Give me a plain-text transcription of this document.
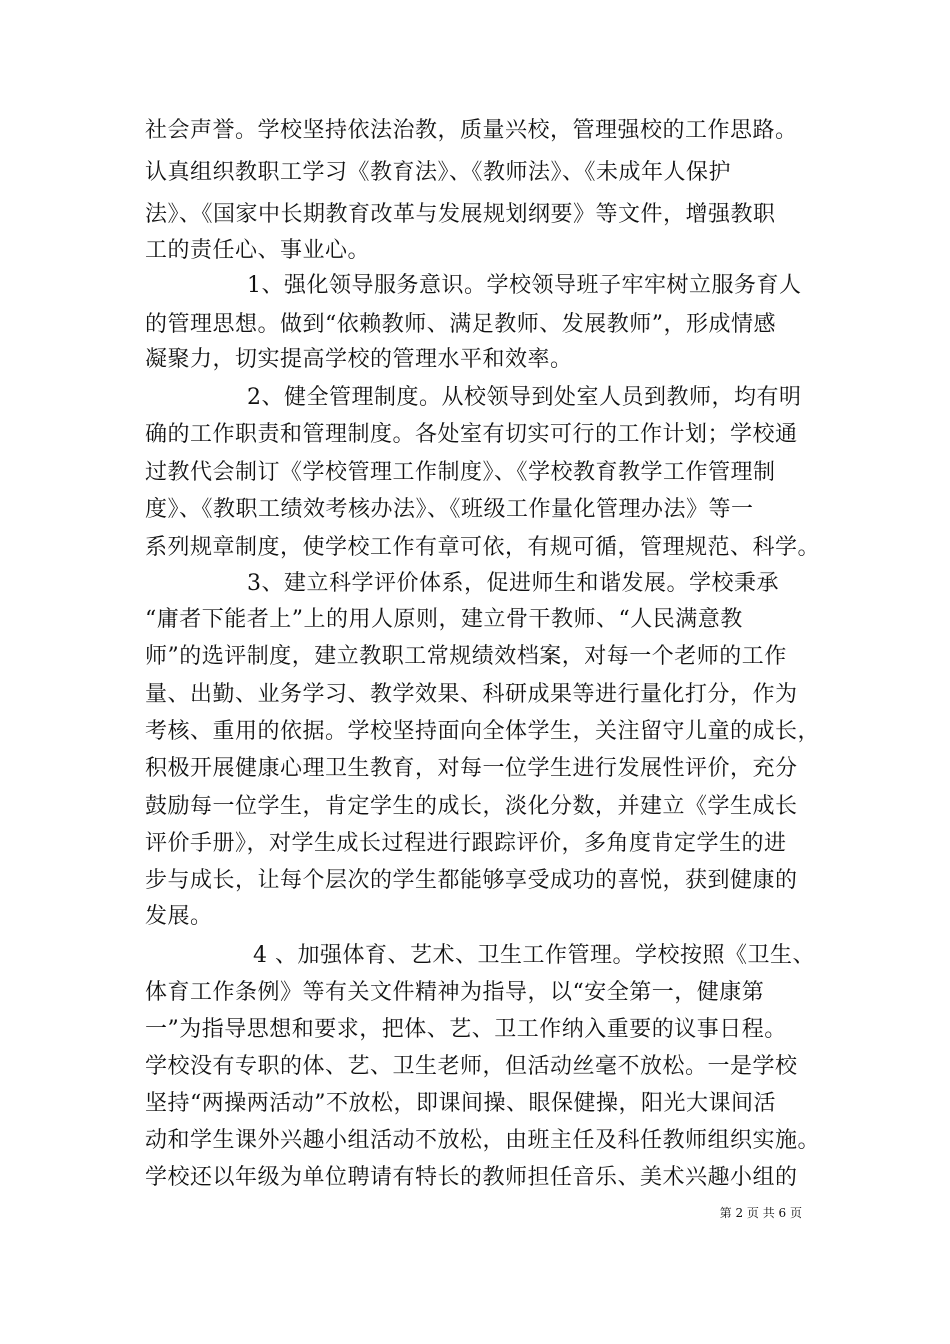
社会声誉。学校坚持依法治教，质量兴校，管理强校的工作思路。
认真组织教职工学习《教育法》、《教师法》、《未成年人保护
法》、《国家中长期教育改革与发展规划纲要》等文件，增强教职
工的责任心、事业心。
1、强化领导服务意识。学校领导班子牢牢树立服务育人
的管理思想。做到“依赖教师、满足教师、发展教师”，形成情感
凝聚力，切实提高学校的管理水平和效率。
2、健全管理制度。从校领导到处室人员到教师，均有明
确的工作职责和管理制度。各处室有切实可行的工作计划；学校通
过教代会制订《学校管理工作制度》、《学校教育教学工作管理制
度》、《教职工绩效考核办法》、《班级工作量化管理办法》等一
系列规章制度，使学校工作有章可依，有规可循，管理规范、科学。
3、建立科学评价体系，促进师生和谐发展。学校秉承
“庸者下能者上”上的用人原则，建立骨干教师、“人民满意教
师”的选评制度，建立教职工常规绩效档案，对每一个老师的工作
量、出勤、业务学习、教学效果、科研成果等进行量化打分，作为
考核、重用的依据。学校坚持面向全体学生，关注留守儿童的成长，
积极开展健康心理卫生教育，对每一位学生进行发展性评价，充分
鼓励每一位学生，肯定学生的成长，淡化分数，并建立《学生成长
评价手册》，对学生成长过程进行跟踪评价，多角度肯定学生的进
步与成长，让每个层次的学生都能够享受成功的喜悦，获到健康的
发展。
4 、加强体育、艺术、卫生工作管理。学校按照《卫生、
体育工作条例》等有关文件精神为指导，以“安全第一，健康第
一”为指导思想和要求，把体、艺、卫工作纳入重要的议事日程。
学校没有专职的体、艺、卫生老师，但活动丝毫不放松。一是学校
坚持“两操两活动”不放松，即课间操、眼保健操，阳光大课间活
动和学生课外兴趣小组活动不放松，由班主任及科任教师组织实施。
学校还以年级为单位聘请有特长的教师担任音乐、美术兴趣小组的
第 2 页 共 6 页
